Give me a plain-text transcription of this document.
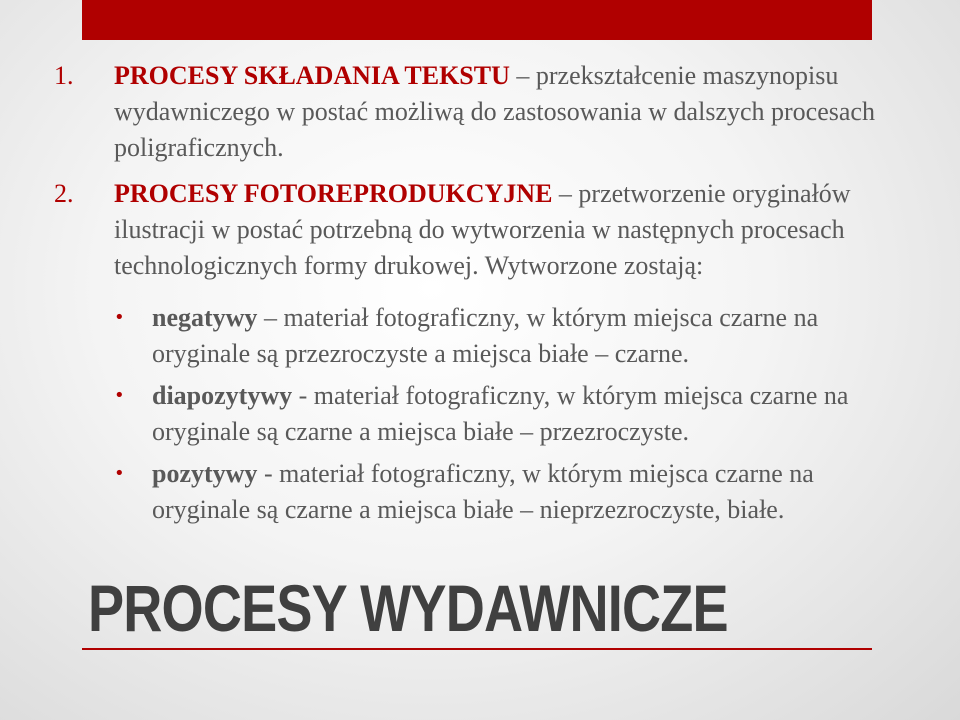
1. PROCESY SKŁADANIA TEKSTU – przekształcenie maszynopisu wydawniczego w postać możliwą do zastosowania w dalszych procesach poligraficznych.
2. PROCESY FOTOREPRODUKCYJNE – przetworzenie oryginałów ilustracji w postać potrzebną do wytworzenia w następnych procesach technologicznych formy drukowej. Wytworzone zostają:
• negatywy – materiał fotograficzny, w którym miejsca czarne na oryginale są przezroczyste a miejsca białe – czarne.
• diapozytywy - materiał fotograficzny, w którym miejsca czarne na oryginale są czarne a miejsca białe – przezroczyste.
• pozytywy - materiał fotograficzny, w którym miejsca czarne na oryginale są czarne a miejsca białe – nieprzezroczyste, białe.
PROCESY WYDAWNICZE
